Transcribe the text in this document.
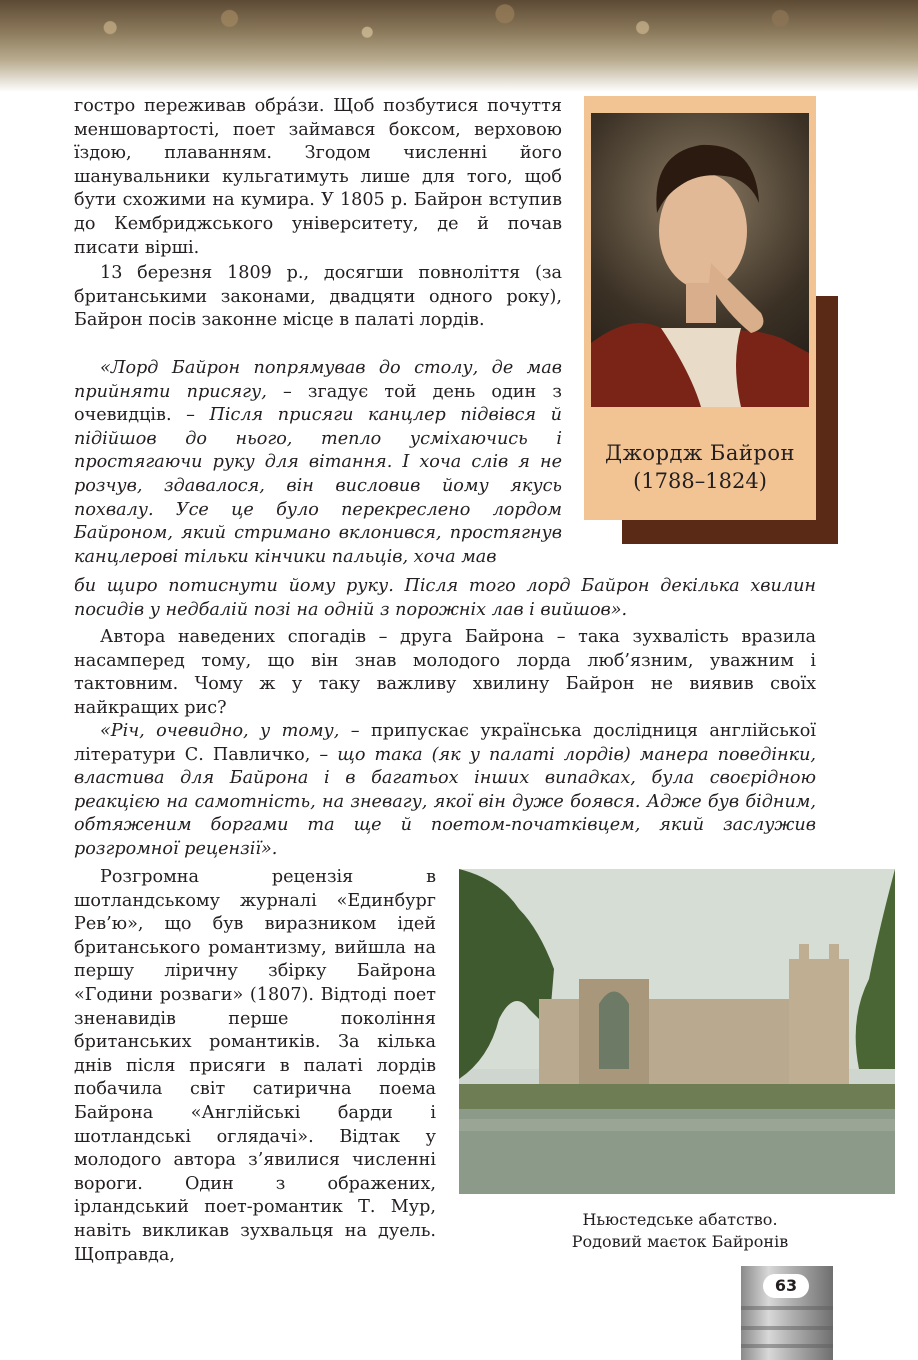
гостро переживав обра́зи. Щоб позбутися почуття меншовартості, поет займався боксом, верховою їздою, плаванням. Згодом численні його шанувальники кульгатимуть лише для того, щоб бути схожими на кумира. У 1805 р. Байрон вступив до Кембриджського університету, де й почав писати вірші.

13 березня 1809 р., досягши повноліття (за британськими законами, двадцяти одного року), Байрон посів законне місце в палаті лордів.

«Лорд Байрон попрямував до столу, де мав прийняти присягу, – згадує той день один з очевидців. – Після присяги канцлер підвівся й підійшов до нього, тепло усміхаючись і простягаючи руку для вітання. І хоча слів я не розчув, здавалося, він висловив йому якусь похвалу. Усе це було перекреслено лордом Байроном, який стримано вклонився, простягнув канцлерові тільки кінчики пальців, хоча мав

би щиро потиснути йому руку. Після того лорд Байрон декілька хвилин посидів у недбалій позі на одній з порожніх лав і вийшов».

Автора наведених спогадів – друга Байрона – така зухвалість вразила насамперед тому, що він знав молодого лорда люб’язним, уважним і тактовним. Чому ж у таку важливу хвилину Байрон не виявив своїх найкращих рис?

«Річ, очевидно, у тому, – припускає українська дослідниця англійської літератури С. Павличко, – що така (як у палаті лордів) манера поведінки, властива для Байрона і в багатьох інших випадках, була своєрідною реакцією на самотність, на зневагу, якої він дуже боявся. Адже був бідним, обтяженим боргами та ще й поетом-початківцем, який заслужив розгромної рецензії».

Розгромна рецензія в шотландському журналі «Единбург Рев’ю», що був виразником ідей британського романтизму, вийшла на першу ліричну збірку Байрона «Години розваги» (1807). Відтоді поет зненавидів перше покоління британських романтиків. За кілька днів після присяги в палаті лордів побачила світ сатирична поема Байрона «Англійські барди і шотландські оглядачі». Відтак у молодого автора з’явилися численні вороги. Один з ображених, ірландський поет-романтик Т. Мур, навіть викликав зухвальця на дуель. Щоправда,

Джордж Байрон
(1788–1824)

Ньюстедське абатство.

Родовий маєток Байронів

63
